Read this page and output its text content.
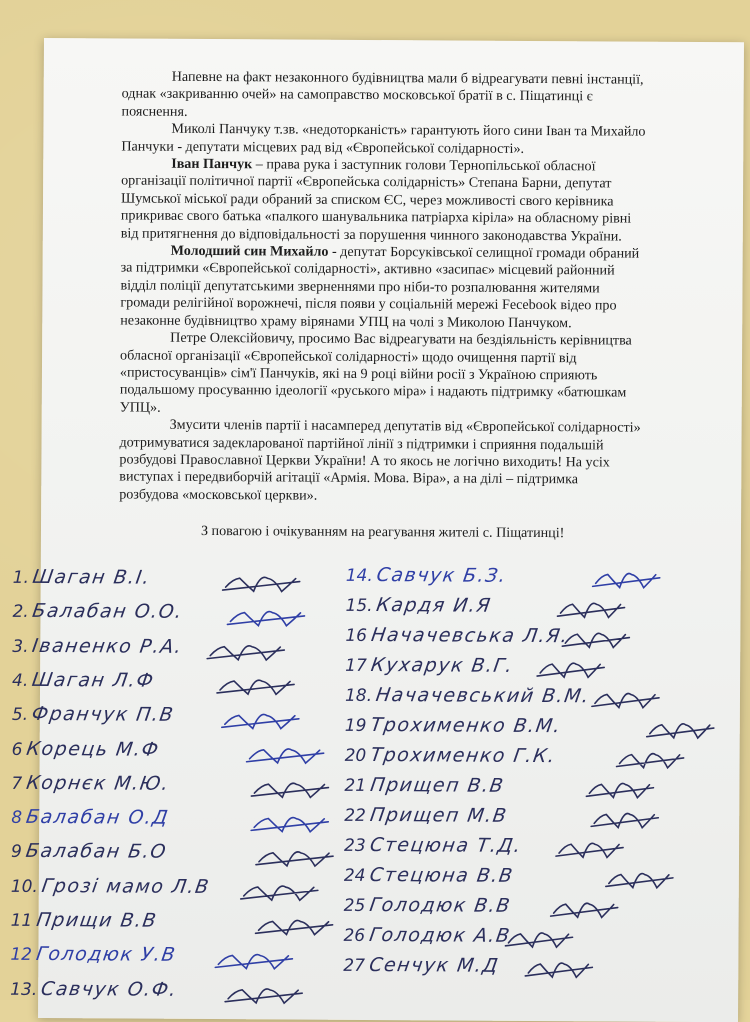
Напевне на факт незаконного будівництва мали б відреагувати певні інстанції,
однак «закриванню очей» на самоправство московської братії в с. Піщатинці є
пояснення.
Миколі Панчуку т.зв. «недоторканість» гарантують його сини Іван та Михайло
Панчуки - депутати місцевих рад від «Європейської солідарності».
Іван Панчук – права рука і заступник голови Тернопільської обласної
організації політичної партії «Європейська солідарність» Степана Барни, депутат
Шумської міської ради обраний за списком ЄС, через можливості свого керівника
прикриває свого батька «палкого шанувальника патріарха кіріла» на обласному рівні
від притягнення до відповідальності за порушення чинного законодавства України.
Молодший син Михайло - депутат Борсуківської селищної громади обраний
за підтримки «Європейської солідарності», активно «засипає» місцевий районний
відділ поліції депутатськими зверненнями про ніби-то розпалювання жителями
громади релігійної ворожнечі, після появи у соціальній мережі Fecebook відео про
незаконне будівництво храму вірянами УПЦ на чолі з Миколою Панчуком.
Петре Олексійовичу, просимо Вас відреагувати на бездіяльність керівництва
обласної організації «Європейської солідарності» щодо очищення партії від
«пристосуванців» сім'ї Панчуків, які на 9 році війни росії з Україною сприяють
подальшому просуванню ідеології «руського міра» і надають підтримку «батюшкам
УПЦ».
Змусити членів партії і насамперед депутатів від «Європейської солідарності»
дотримуватися задекларованої партійної лінії з підтримки і сприяння подальшій
розбудові Православної Церкви України! А то якось не логічно виходить! На усіх
виступах і передвиборчій агітації «Армія. Мова. Віра», а на ділі – підтримка
розбудова «московської церкви».
З повагою і очікуванням на реагування жителі с. Піщатинці!
1. Шаган В.І.
2. Балабан О.О.
3. Іваненко Р.А.
4. Шаган Л.Ф
5. Франчук П.В
6 Корець М.Ф
7 Корнєк М.Ю.
8 Балабан О.Д
9 Балабан Б.О
10. Грозі мамо Л.В
11 Прищи В.В
12 Голодюк У.В
13. Савчук О.Ф.
14. Савчук Б.З.
15. Кардя И.Я
16 Начачевська Л.Я.
17 Кухарук В.Г.
18. Начачевський В.М.
19 Трохименко В.М.
20 Трохименко Г.К.
21 Прищеп В.В
22 Прищеп М.В
23 Стецюна Т.Д.
24 Стецюна В.В
25 Голодюк В.В
26 Голодюк А.В
27 Сенчук М.Д
